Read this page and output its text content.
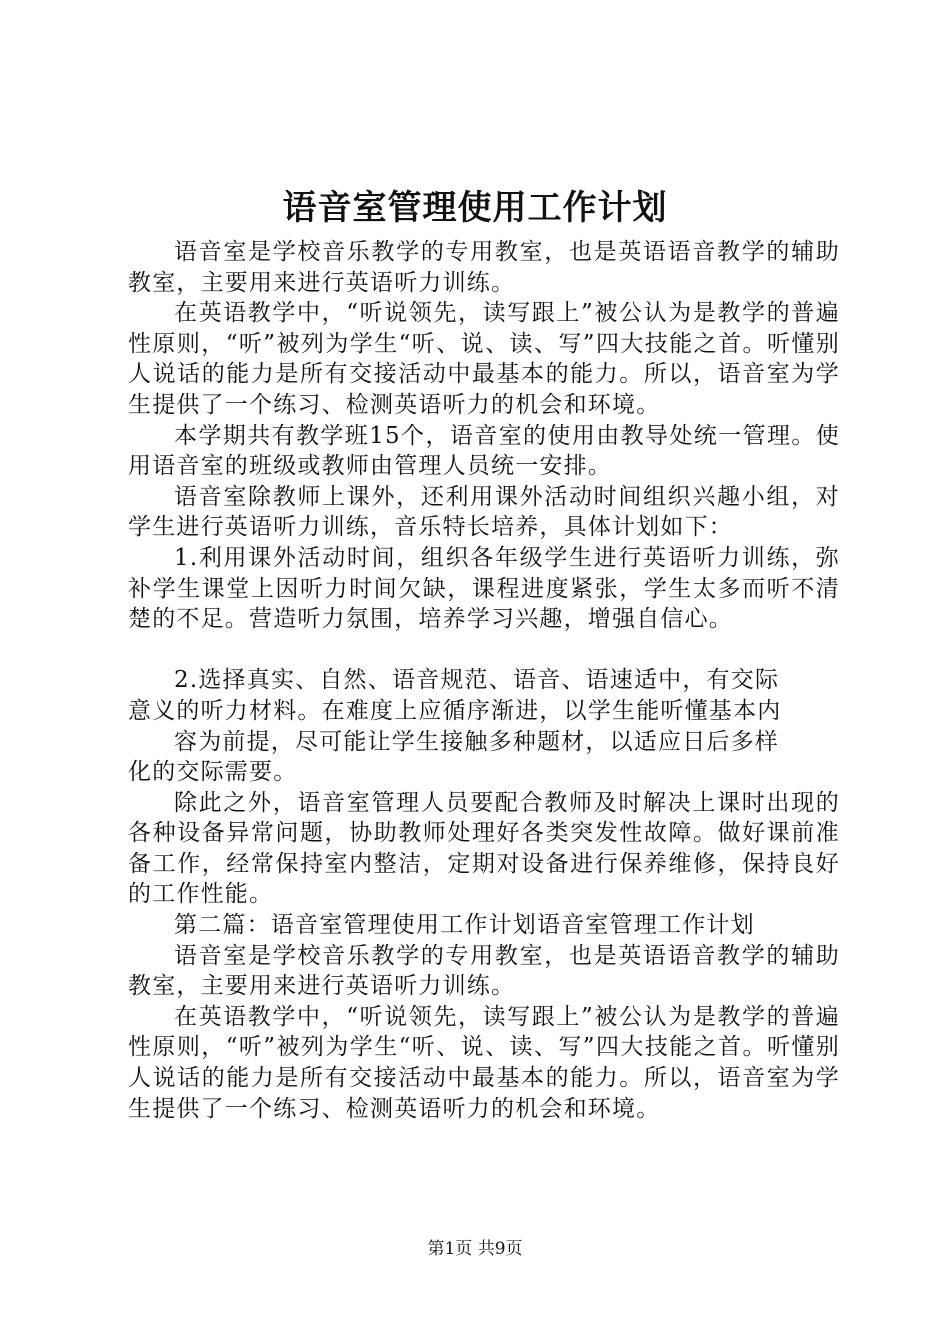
语音室管理使用工作计划

语音室是学校音乐教学的专用教室，也是英语语音教学的辅助教室，主要用来进行英语听力训练。

在英语教学中，“听说领先，读写跟上”被公认为是教学的普遍性原则，“听”被列为学生“听、说、读、写”四大技能之首。听懂别人说话的能力是所有交接活动中最基本的能力。所以，语音室为学生提供了一个练习、检测英语听力的机会和环境。

本学期共有教学班15个，语音室的使用由教导处统一管理。使用语音室的班级或教师由管理人员统一安排。

语音室除教师上课外，还利用课外活动时间组织兴趣小组，对学生进行英语听力训练，音乐特长培养，具体计划如下：

1.利用课外活动时间，组织各年级学生进行英语听力训练，弥补学生课堂上因听力时间欠缺，课程进度紧张，学生太多而听不清楚的不足。营造听力氛围，培养学习兴趣，增强自信心。

2.选择真实、自然、语音规范、语音、语速适中，有交际

意义的听力材料。在难度上应循序渐进，以学生能听懂基本内

容为前提，尽可能让学生接触多种题材，以适应日后多样

化的交际需要。

除此之外，语音室管理人员要配合教师及时解决上课时出现的各种设备异常问题，协助教师处理好各类突发性故障。做好课前准备工作，经常保持室内整洁，定期对设备进行保养维修，保持良好的工作性能。

第二篇：语音室管理使用工作计划语音室管理工作计划

语音室是学校音乐教学的专用教室，也是英语语音教学的辅助教室，主要用来进行英语听力训练。

在英语教学中，“听说领先，读写跟上”被公认为是教学的普遍性原则，“听”被列为学生“听、说、读、写”四大技能之首。听懂别人说话的能力是所有交接活动中最基本的能力。所以，语音室为学生提供了一个练习、检测英语听力的机会和环境。

第1页 共9页
